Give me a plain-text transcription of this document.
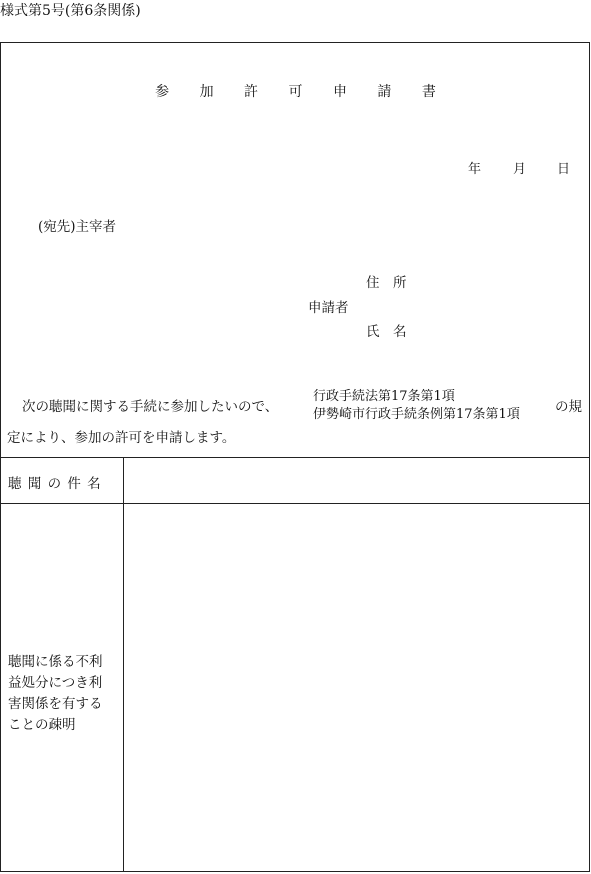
様式第5号(第6条関係)
参 加 許 可 申 請 書
年 月 日
(宛先)主宰者
住　所
申請者
氏　名
次の聴聞に関する手続に参加したいので、
行政手続法第17条第1項
伊勢崎市行政手続条例第17条第1項	の規
定により、参加の許可を申請します。
聴 聞 の 件 名
聴聞に係る不利
益処分につき利
害関係を有する
ことの疎明
